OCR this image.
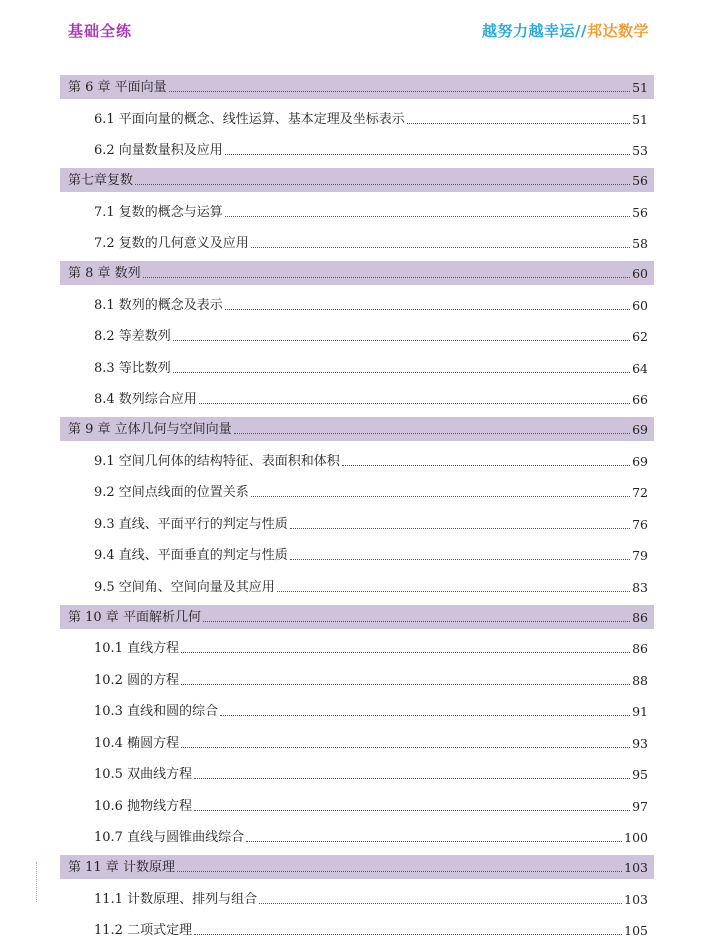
基础全练	越努力越幸运//邦达数学
第 6 章 平面向量	51
6.1 平面向量的概念、线性运算、基本定理及坐标表示	51
6.2 向量数量积及应用	53
第七章复数	56
7.1 复数的概念与运算	56
7.2 复数的几何意义及应用	58
第 8 章 数列	60
8.1 数列的概念及表示	60
8.2 等差数列	62
8.3 等比数列	64
8.4 数列综合应用	66
第 9 章 立体几何与空间向量	69
9.1 空间几何体的结构特征、表面积和体积	69
9.2 空间点线面的位置关系	72
9.3 直线、平面平行的判定与性质	76
9.4 直线、平面垂直的判定与性质	79
9.5 空间角、空间向量及其应用	83
第 10 章 平面解析几何	86
10.1 直线方程	86
10.2 圆的方程	88
10.3 直线和圆的综合	91
10.4 椭圆方程	93
10.5 双曲线方程	95
10.6 抛物线方程	97
10.7 直线与圆锥曲线综合	100
第 11 章 计数原理	103
11.1 计数原理、排列与组合	103
11.2 二项式定理	105
